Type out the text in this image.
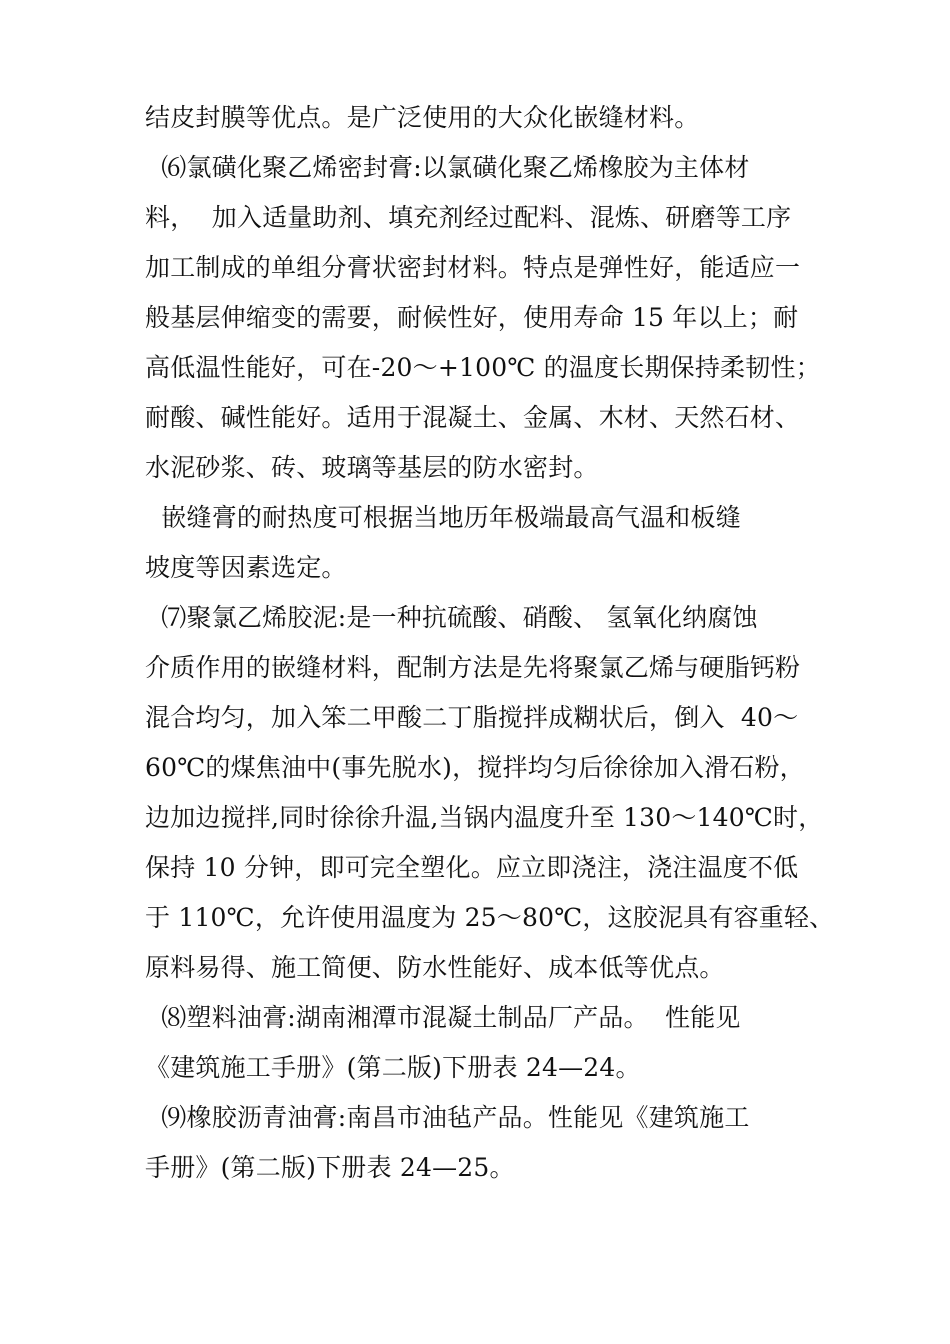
结皮封膜等优点。是广泛使用的大众化嵌缝材料。
⑹氯磺化聚乙烯密封膏:以氯磺化聚乙烯橡胶为主体材
料，  加入适量助剂、填充剂经过配料、混炼、研磨等工序
加工制成的单组分膏状密封材料。特点是弹性好，能适应一
般基层伸缩变的需要，耐候性好，使用寿命 15 年以上；耐
高低温性能好，可在-20～+100℃ 的温度长期保持柔韧性；
耐酸、碱性能好。适用于混凝土、金属、木材、天然石材、
水泥砂浆、砖、玻璃等基层的防水密封。
嵌缝膏的耐热度可根据当地历年极端最高气温和板缝
坡度等因素选定。
⑺聚氯乙烯胶泥:是一种抗硫酸、硝酸、 氢氧化纳腐蚀
介质作用的嵌缝材料，配制方法是先将聚氯乙烯与硬脂钙粉
混合均匀，加入笨二甲酸二丁脂搅拌成糊状后，倒入  40～
60℃的煤焦油中(事先脱水)，搅拌均匀后徐徐加入滑石粉，
边加边搅拌,同时徐徐升温,当锅内温度升至 130～140℃时，
保持 10 分钟，即可完全塑化。应立即浇注，浇注温度不低
于 110℃，允许使用温度为 25～80℃，这胶泥具有容重轻、
原料易得、施工简便、防水性能好、成本低等优点。
⑻塑料油膏:湖南湘潭市混凝土制品厂产品。  性能见
《建筑施工手册》(第二版)下册表 24—24。
⑼橡胶沥青油膏:南昌市油毡产品。性能见《建筑施工
手册》(第二版)下册表 24—25。
